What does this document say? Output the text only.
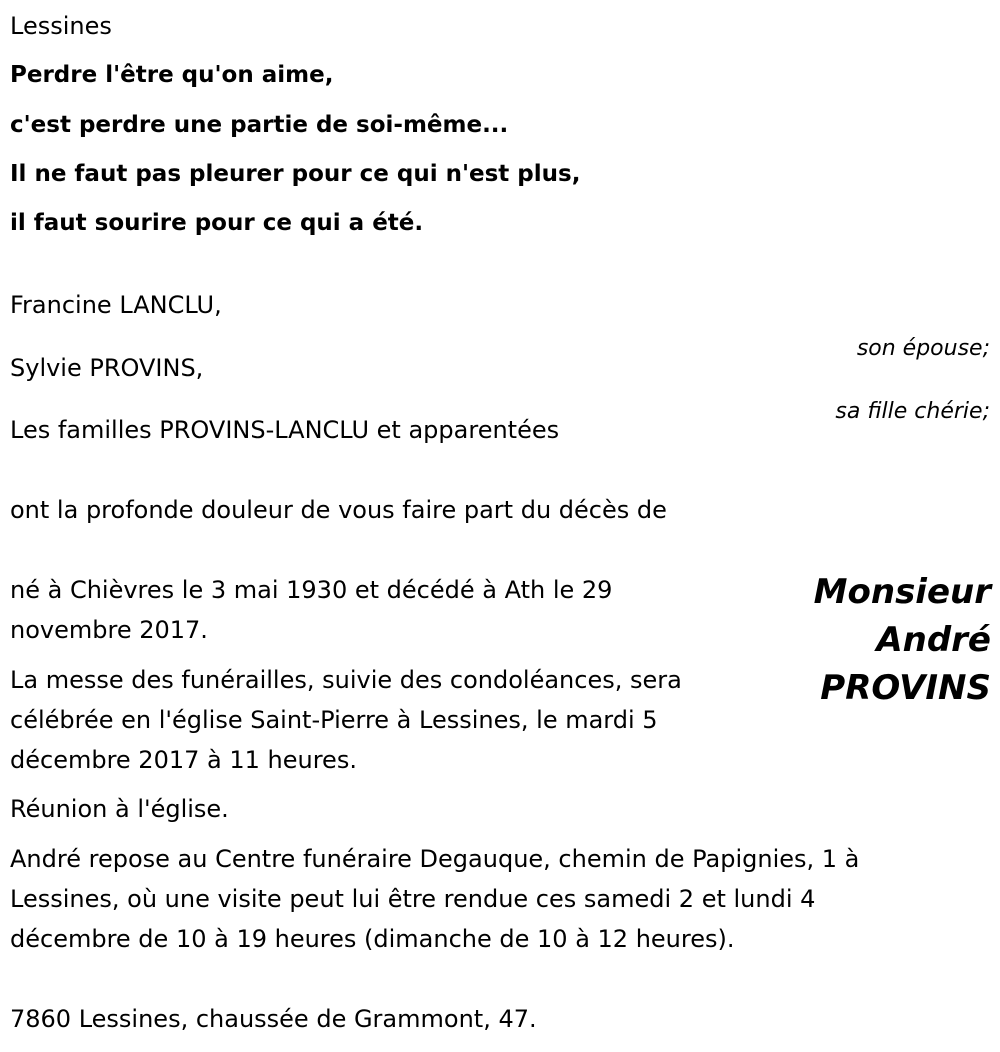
Lessines

Perdre l'être qu'on aime,

c'est perdre une partie de soi-même...

Il ne faut pas pleurer pour ce qui n'est plus,

il faut sourire pour ce qui a été.

Francine LANCLU,

son épouse;

Sylvie PROVINS,

sa fille chérie;

Les familles PROVINS-LANCLU et apparentées

ont la profonde douleur de vous faire part du décès de

Monsieur
André
PROVINS

né à Chièvres le 3 mai 1930 et décédé à Ath le 29

novembre 2017.

La messe des funérailles, suivie des condoléances, sera

célébrée en l'église Saint-Pierre à Lessines, le mardi 5

décembre 2017 à 11 heures.

Réunion à l'église.

André repose au Centre funéraire Degauque, chemin de Papignies, 1 à

Lessines, où une visite peut lui être rendue ces samedi 2 et lundi 4

décembre de 10 à 19 heures (dimanche de 10 à 12 heures).

7860 Lessines, chaussée de Grammont, 47.
